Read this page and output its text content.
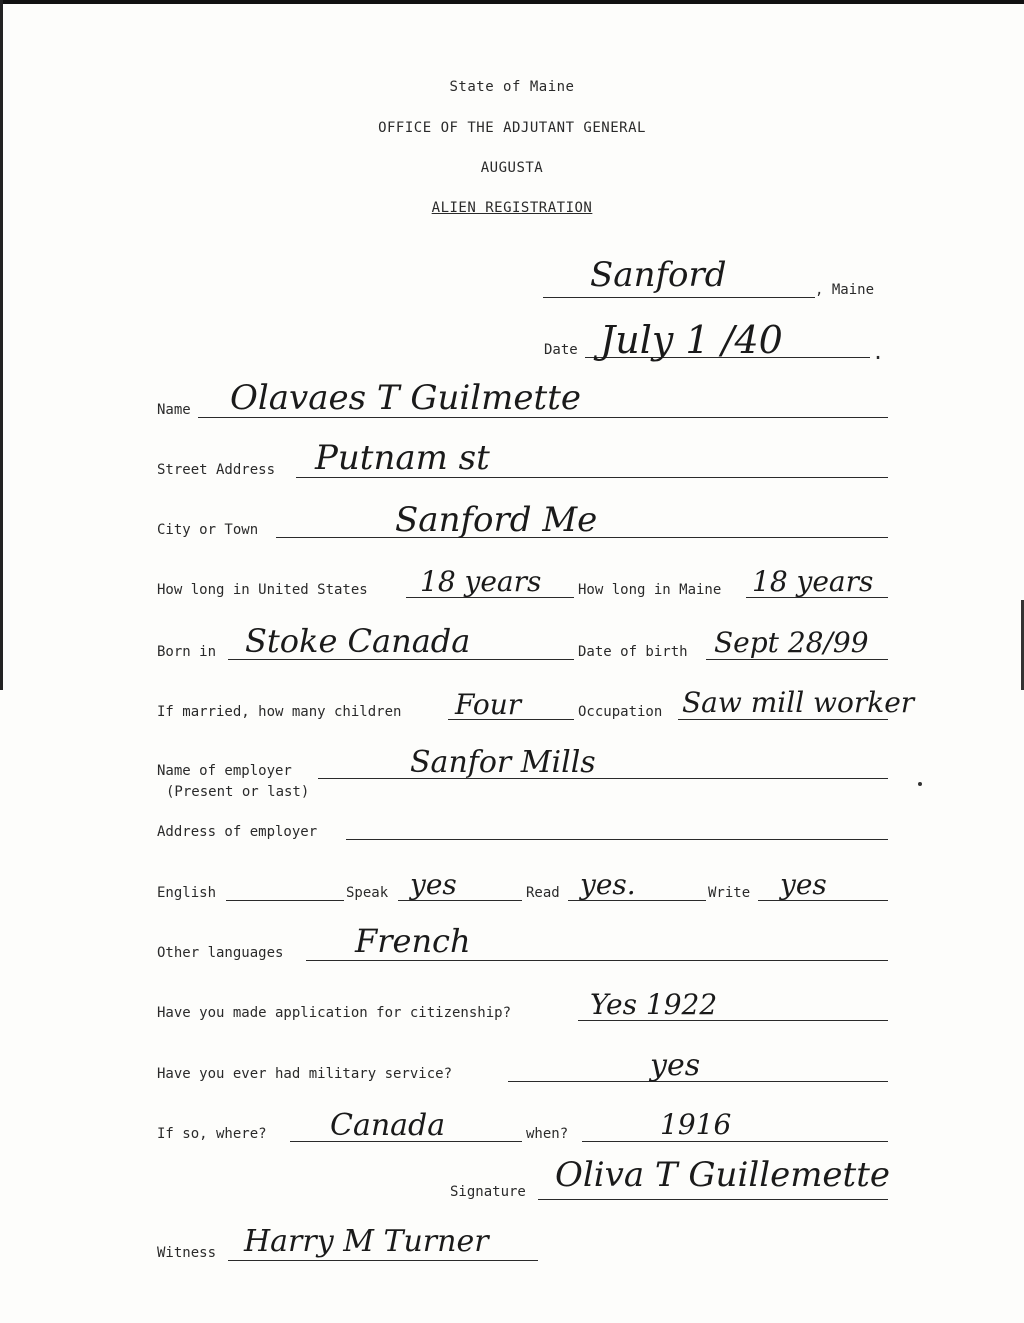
State of Maine
OFFICE OF THE ADJUTANT GENERAL
AUGUSTA
ALIEN REGISTRATION
Sanford	, Maine
Date July 1 /40	.
Name Olavaes T Guilmette
Street Address Putnam st
City or Town	Sanford Me
How long in United States 18 years	How long in Maine 18 years
Born in Stoke Canada	Date of birth Sept 28/99
If married, how many children Four	Occupation Saw mill worker
Name of employer
(Present or last)
Sanfor Mills
Address of employer
English	Speak yes	Read yes.	Write yes
Other languages French
Have you made application for citizenship?	Yes 1922
Have you ever had military service?	yes
If so, where? Canada	when?	1916
Signature Oliva T Guillemette
Witness Harry M Turner
